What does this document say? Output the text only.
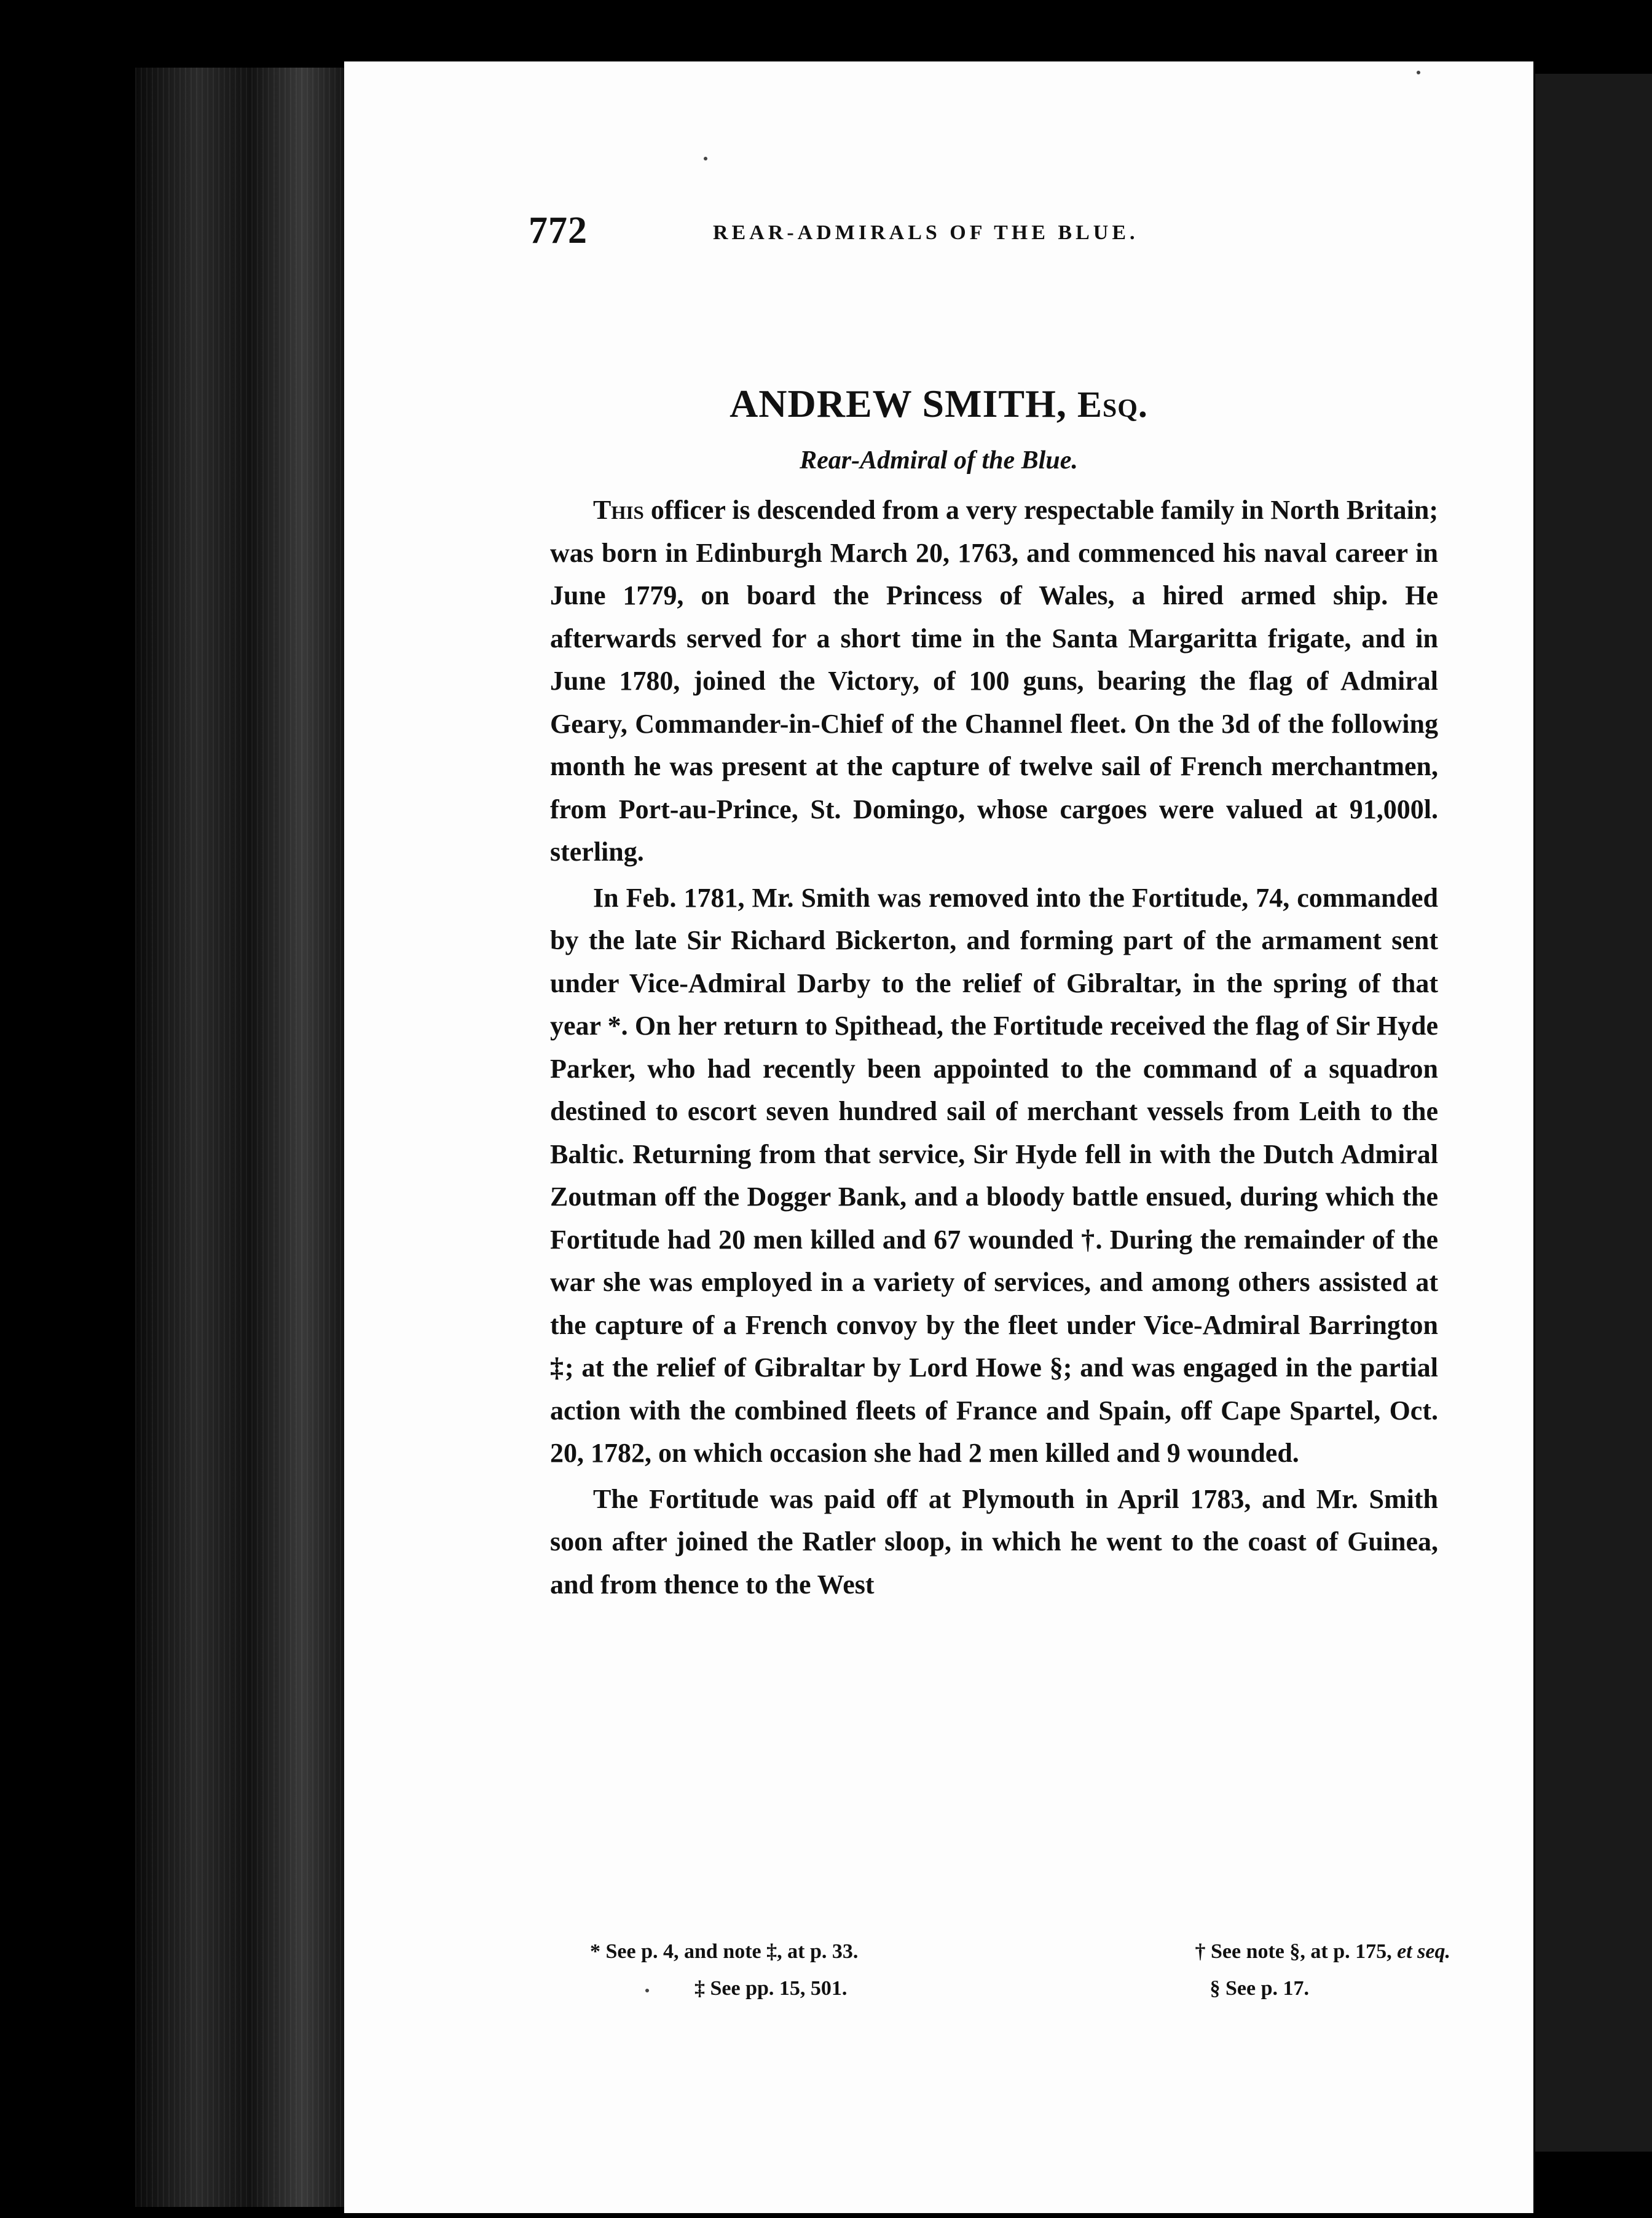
772	REAR-ADMIRALS OF THE BLUE.
ANDREW SMITH, Esq.
Rear-Admiral of the Blue.

This officer is descended from a very respectable family in North Britain; was born in Edinburgh March 20, 1763, and commenced his naval career in June 1779, on board the Princess of Wales, a hired armed ship. He afterwards served for a short time in the Santa Margaritta frigate, and in June 1780, joined the Victory, of 100 guns, bearing the flag of Admiral Geary, Commander-in-Chief of the Channel fleet. On the 3d of the following month he was present at the capture of twelve sail of French merchantmen, from Port-au-Prince, St. Domingo, whose cargoes were valued at 91,000l. sterling.

In Feb. 1781, Mr. Smith was removed into the Fortitude, 74, commanded by the late Sir Richard Bickerton, and forming part of the armament sent under Vice-Admiral Darby to the relief of Gibraltar, in the spring of that year *. On her return to Spithead, the Fortitude received the flag of Sir Hyde Parker, who had recently been appointed to the command of a squadron destined to escort seven hundred sail of merchant vessels from Leith to the Baltic. Returning from that service, Sir Hyde fell in with the Dutch Admiral Zoutman off the Dogger Bank, and a bloody battle ensued, during which the Fortitude had 20 men killed and 67 wounded †. During the remainder of the war she was employed in a variety of services, and among others assisted at the capture of a French convoy by the fleet under Vice-Admiral Barrington ‡; at the relief of Gibraltar by Lord Howe §; and was engaged in the partial action with the combined fleets of France and Spain, off Cape Spartel, Oct. 20, 1782, on which occasion she had 2 men killed and 9 wounded.

The Fortitude was paid off at Plymouth in April 1783, and Mr. Smith soon after joined the Ratler sloop, in which he went to the coast of Guinea, and from thence to the West

* See p. 4, and note ‡, at p. 33.	† See note §, at p. 175, et seq.
‡ See pp. 15, 501.	§ See p. 17.
